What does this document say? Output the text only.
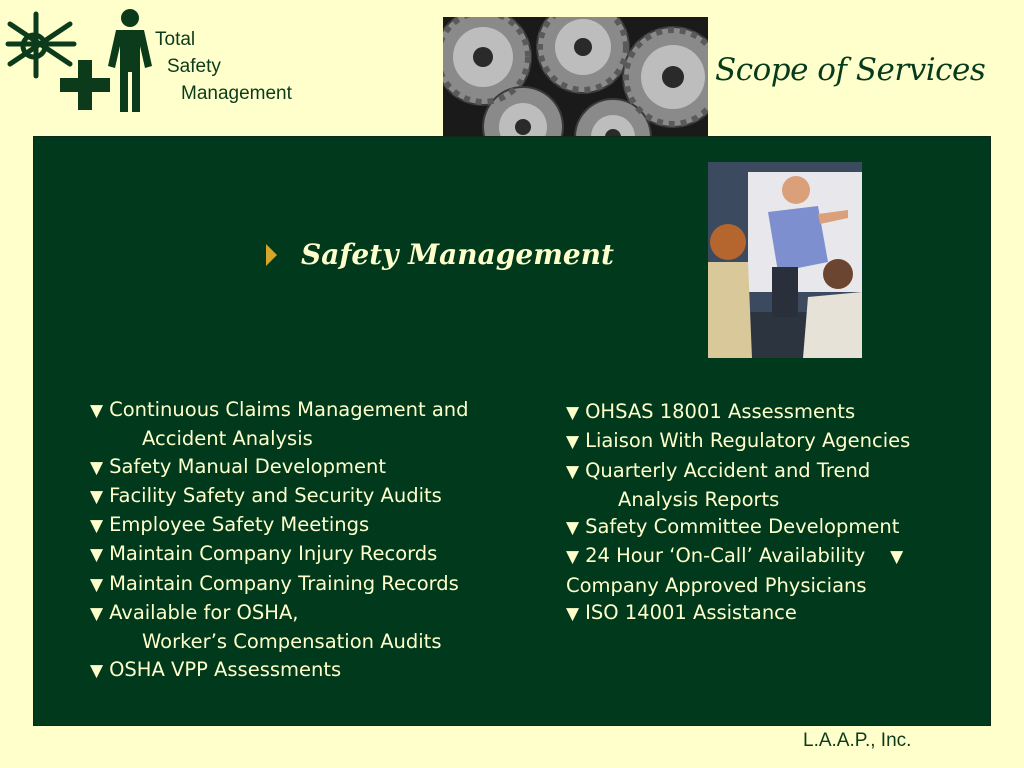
Total
Safety
Management
Scope of Services
Safety Management
▼ Continuous Claims Management and
Accident Analysis
▼ Safety Manual Development
▼ Facility Safety and Security Audits
▼ Employee Safety Meetings
▼ Maintain Company Injury Records
▼ Maintain Company Training Records
▼ Available for OSHA,
Worker’s Compensation Audits
▼ OSHA VPP Assessments
▼ OHSAS 18001 Assessments
▼ Liaison With Regulatory Agencies
▼ Quarterly Accident and Trend
Analysis Reports
▼ Safety Committee Development
▼ 24 Hour ‘On-Call’ Availability ▼
Company Approved Physicians
▼ ISO 14001 Assistance
L.A.A.P., Inc.
